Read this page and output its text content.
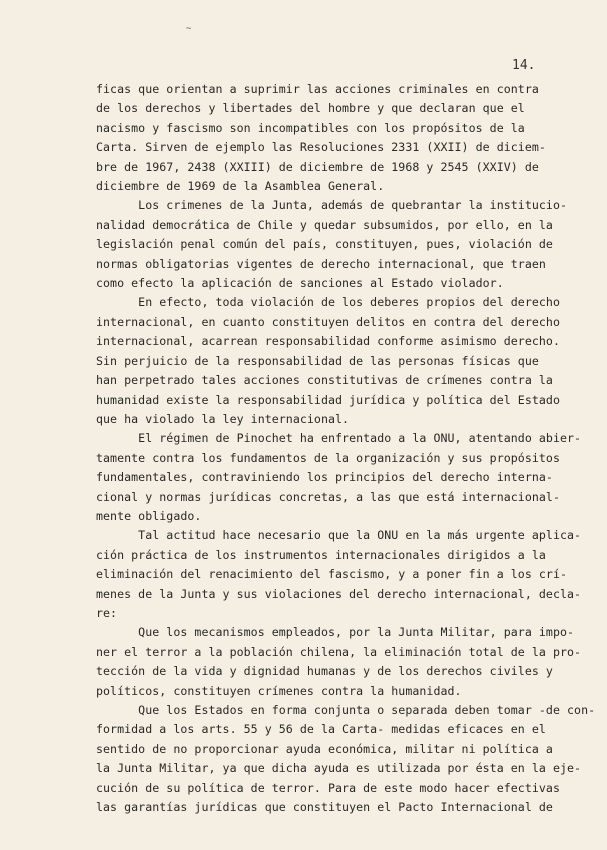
~
14.
ficas que orientan a suprimir las acciones criminales en contra
de los derechos y libertades del hombre y que declaran que el
nacismo y fascismo son incompatibles con los propósitos de la
Carta. Sirven de ejemplo las Resoluciones 2331 (XXII) de diciem-
bre de 1967, 2438 (XXIII) de diciembre de 1968 y 2545 (XXIV) de
diciembre de 1969 de la Asamblea General.
Los crimenes de la Junta, además de quebrantar la institucio-
nalidad democrática de Chile y quedar subsumidos, por ello, en la
legislación penal común del país, constituyen, pues, violación de
normas obligatorias vigentes de derecho internacional, que traen
como efecto la aplicación de sanciones al Estado violador.
En efecto, toda violación de los deberes propios del derecho
internacional, en cuanto constituyen delitos en contra del derecho
internacional, acarrean responsabilidad conforme asimismo derecho.
Sin perjuicio de la responsabilidad de las personas físicas que
han perpetrado tales acciones constitutivas de crímenes contra la
humanidad existe la responsabilidad jurídica y política del Estado
que ha violado la ley internacional.
El régimen de Pinochet ha enfrentado a la ONU, atentando abier-
tamente contra los fundamentos de la organización y sus propósitos
fundamentales, contraviniendo los principios del derecho interna-
cional y normas jurídicas concretas, a las que está internacional-
mente obligado.
Tal actitud hace necesario que la ONU en la más urgente aplica-
ción práctica de los instrumentos internacionales dirigidos a la
eliminación del renacimiento del fascismo, y a poner fin a los crí-
menes de la Junta y sus violaciones del derecho internacional, decla-
re:
Que los mecanismos empleados, por la Junta Militar, para impo-
ner el terror a la población chilena, la eliminación total de la pro-
tección de la vida y dignidad humanas y de los derechos civiles y
políticos, constituyen crímenes contra la humanidad.
Que los Estados en forma conjunta o separada deben tomar -de con-
formidad a los arts. 55 y 56 de la Carta- medidas eficaces en el
sentido de no proporcionar ayuda económica, militar ni política a
la Junta Militar, ya que dicha ayuda es utilizada por ésta en la eje-
cución de su política de terror. Para de este modo hacer efectivas
las garantías jurídicas que constituyen el Pacto Internacional de
